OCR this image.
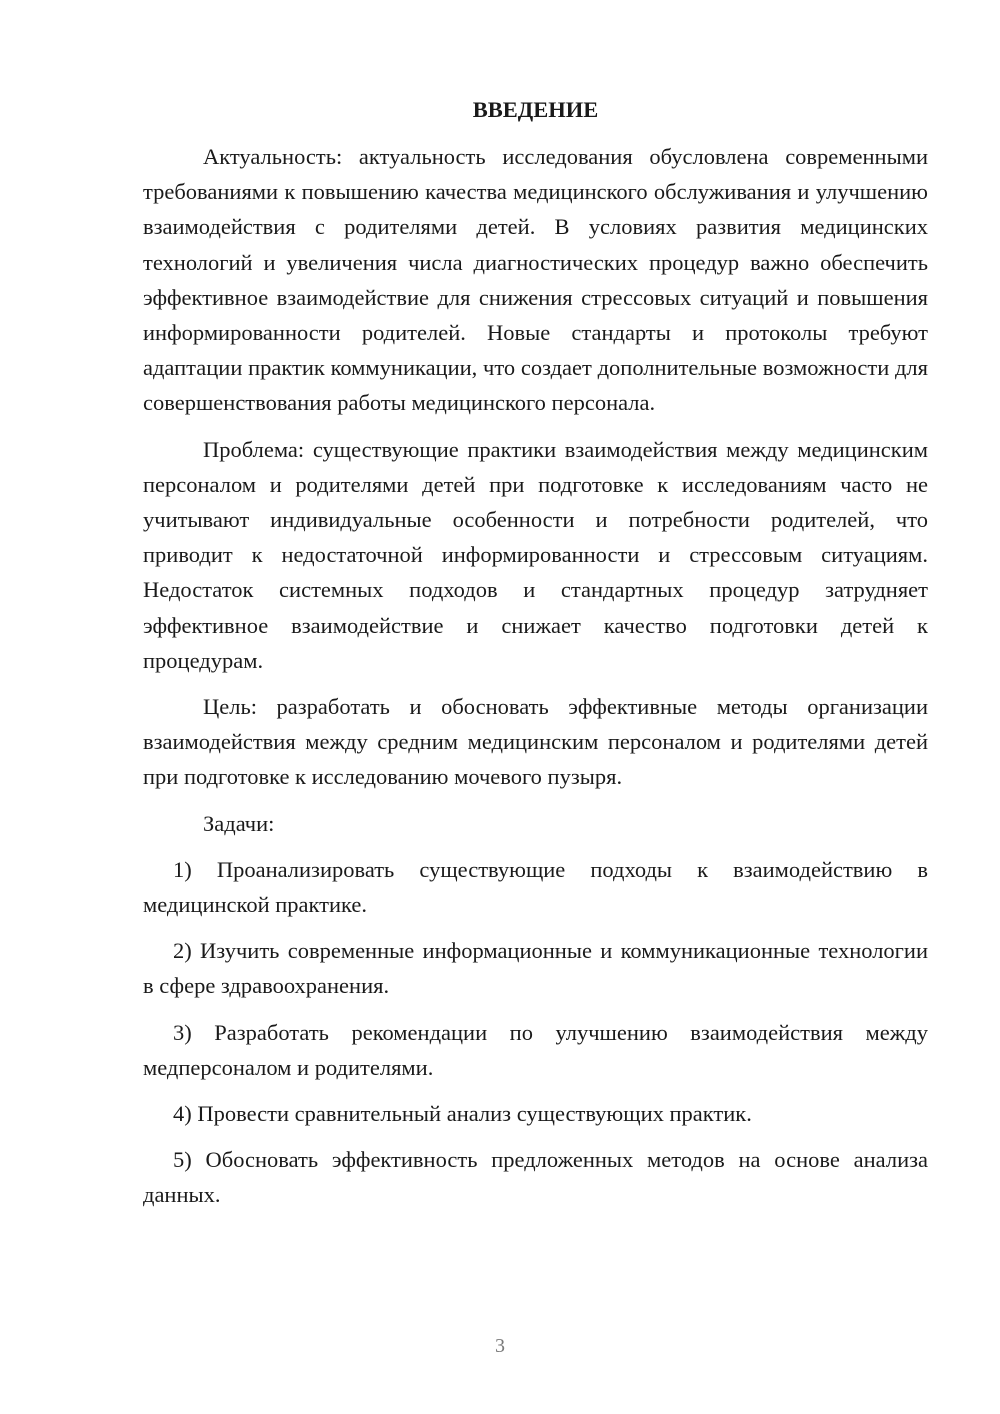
ВВЕДЕНИЕ

Актуальность: актуальность исследования обусловлена современными требованиями к повышению качества медицинского обслуживания и улучшению взаимодействия с родителями детей. В условиях развития медицинских технологий и увеличения числа диагностических процедур важно обеспечить эффективное взаимодействие для снижения стрессовых ситуаций и повышения информированности родителей. Новые стандарты и протоколы требуют адаптации практик коммуникации, что создает дополнительные возможности для совершенствования работы медицинского персонала.

Проблема: существующие практики взаимодействия между медицинским персоналом и родителями детей при подготовке к исследованиям часто не учитывают индивидуальные особенности и потребности родителей, что приводит к недостаточной информированности и стрессовым ситуациям. Недостаток системных подходов и стандартных процедур затрудняет эффективное взаимодействие и снижает качество подготовки детей к процедурам.

Цель: разработать и обосновать эффективные методы организации взаимодействия между средним медицинским персоналом и родителями детей при подготовке к исследованию мочевого пузыря.

Задачи:

1) Проанализировать существующие подходы к взаимодействию в медицинской практике.

2) Изучить современные информационные и коммуникационные технологии в сфере здравоохранения.

3) Разработать рекомендации по улучшению взаимодействия между медперсоналом и родителями.

4) Провести сравнительный анализ существующих практик.

5) Обосновать эффективность предложенных методов на основе анализа данных.

3
